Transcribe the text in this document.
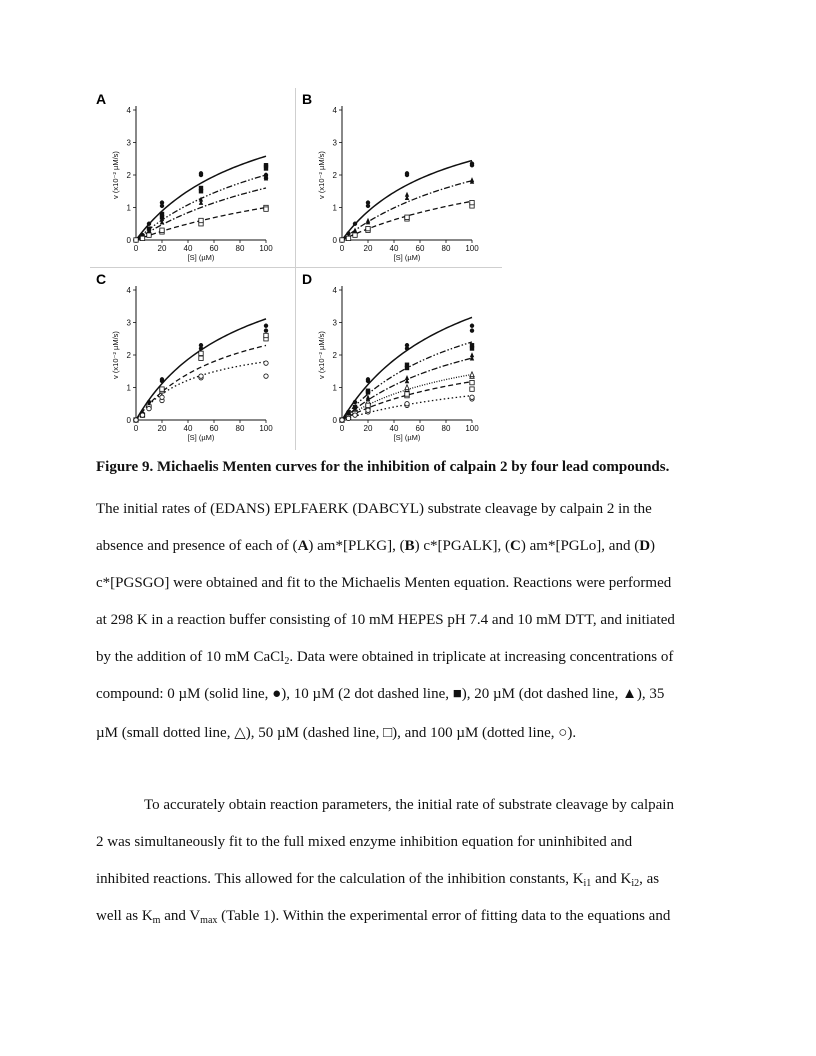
A
0
1
2
3
4
0 20 40 60 80 100
[S] (µM)
v (x10⁻² µM/s)
B
0
1
2
3
4
0 20 40 60 80 100
[S] (µM)
v (x10⁻² µM/s)
C
0
1
2
3
4
0 20 40 60 80 100
[S] (µM)
v (x10⁻² µM/s)
D
0
1
2
3
4
0 20 40 60 80 100
[S] (µM)
v (x10⁻² µM/s)
Figure 9. Michaelis Menten curves for the inhibition of calpain 2 by four lead compounds.
The initial rates of (EDANS) EPLFAERK (DABCYL) substrate cleavage by calpain 2 in the
absence and presence of each of (A) am*[PLKG], (B) c*[PGALK], (C) am*[PGLo], and (D)
c*[PGSGO] were obtained and fit to the Michaelis Menten equation. Reactions were performed
at 298 K in a reaction buffer consisting of 10 mM HEPES pH 7.4 and 10 mM DTT, and initiated
by the addition of 10 mM CaCl$_2$. Data were obtained in triplicate at increasing concentrations of
compound: 0 µM (solid line, ●), 10 µM (2 dot dashed line, ■), 20 µM (dot dashed line, ▲), 35
µM (small dotted line, △), 50 µM (dashed line, □), and 100 µM (dotted line, ○).
To accurately obtain reaction parameters, the initial rate of substrate cleavage by calpain
2 was simultaneously fit to the full mixed enzyme inhibition equation for uninhibited and
inhibited reactions. This allowed for the calculation of the inhibition constants, $K_{i1}$ and $K_{i2}$, as
well as $K_m$ and $V_{max}$ (Table 1). Within the experimental error of fitting data to the equations and
